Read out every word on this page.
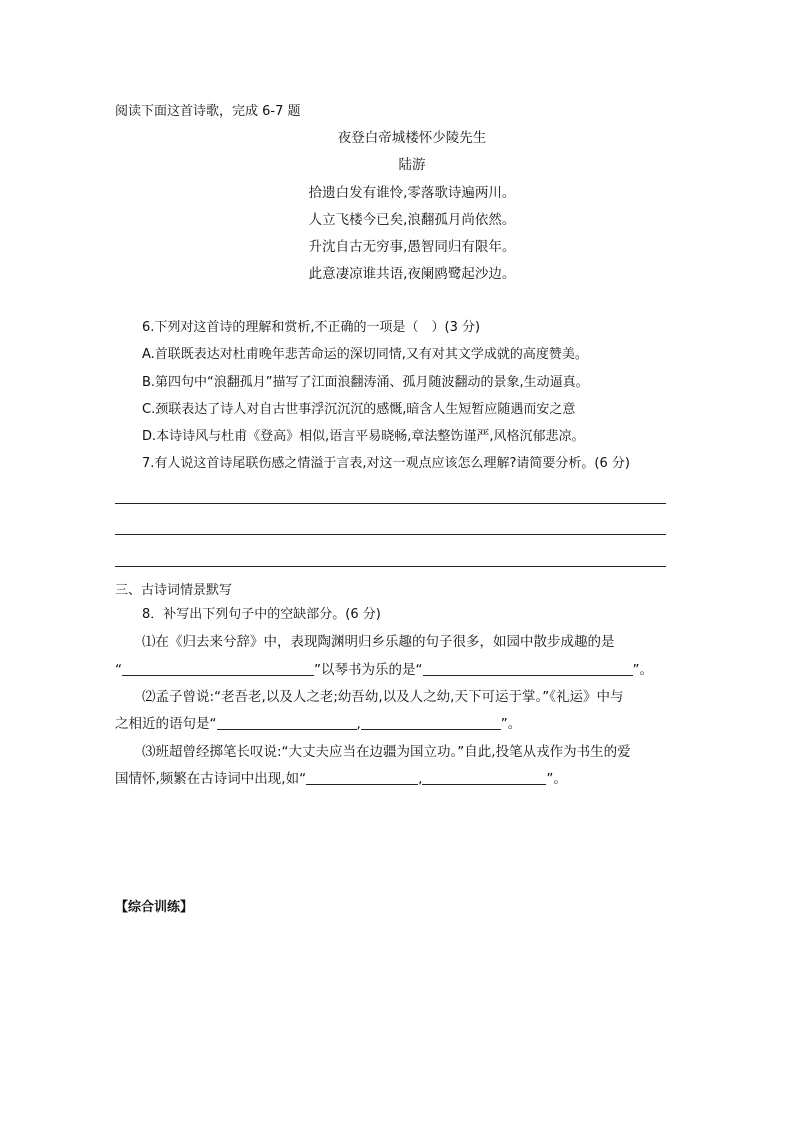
阅读下面这首诗歌，完成 6-7 题
夜登白帝城楼怀少陵先生
陆游
拾遗白发有谁怜,零落歌诗遍两川。
人立飞楼今已矣,浪翻孤月尚依然。
升沈自古无穷事,愚智同归有限年。
此意凄凉谁共语,夜阑鸥鹭起沙边。
6.下列对这首诗的理解和赏析,不正确的一项是（　）(3 分)
A.首联既表达对杜甫晚年悲苦命运的深切同情,又有对其文学成就的高度赞美。
B.第四句中“浪翻孤月”描写了江面浪翻涛涌、孤月随波翻动的景象,生动逼真。
C.颈联表达了诗人对自古世事浮沉沉沉的感慨,暗含人生短暂应随遇而安之意
D.本诗诗风与杜甫《登高》相似,语言平易晓畅,章法整饬谨严,风格沉郁悲凉。
7.有人说这首诗尾联伤感之情溢于言表,对这一观点应该怎么理解?请简要分析。(6 分)
三、古诗词情景默写
8．补写出下列句子中的空缺部分。(6 分)
⑴在《归去来兮辞》中，表现陶渊明归乡乐趣的句子很多，如园中散步成趣的是
“	”以琴书为乐的是“	”。
⑵孟子曾说:“老吾老,以及人之老;幼吾幼,以及人之幼,天下可运于掌。”《礼运》中与
之相近的语句是“	,	”。
⑶班超曾经掷笔长叹说:“大丈夫应当在边疆为国立功。”自此,投笔从戎作为书生的爱
国情怀,频繁在古诗词中出现,如“	,	”。
【综合训练】
